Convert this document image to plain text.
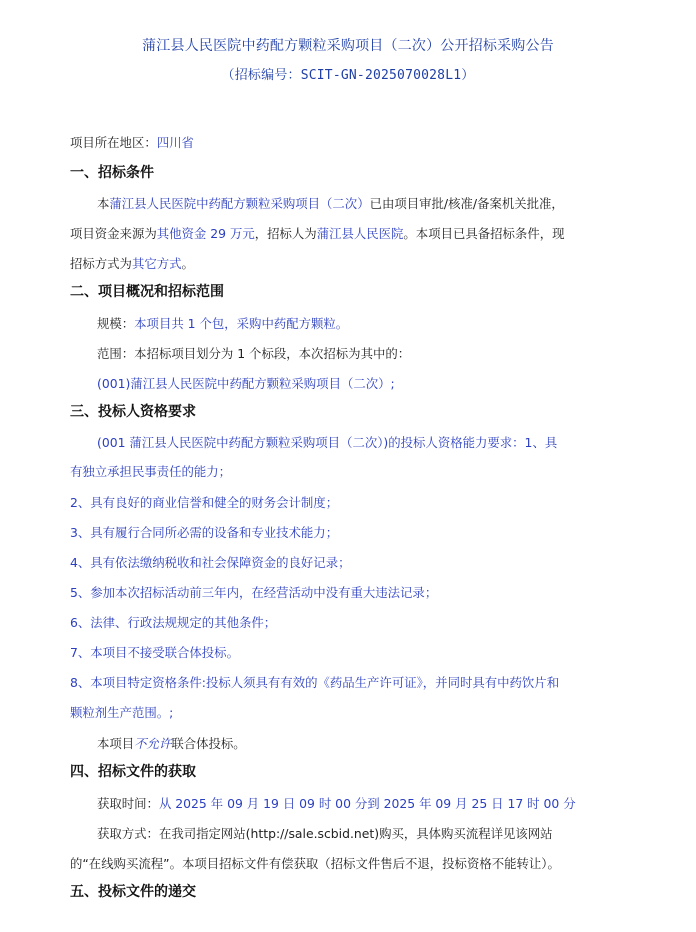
蒲江县人民医院中药配方颗粒采购项目（二次）公开招标采购公告
（招标编号：SCIT-GN-2025070028L1）
项目所在地区：四川省
一、招标条件
本蒲江县人民医院中药配方颗粒采购项目（二次）已由项目审批/核准/备案机关批准，
项目资金来源为其他资金 29 万元，招标人为蒲江县人民医院。本项目已具备招标条件，现
招标方式为其它方式。
二、项目概况和招标范围
规模：本项目共 1 个包，采购中药配方颗粒。
范围：本招标项目划分为 1 个标段，本次招标为其中的：
(001)蒲江县人民医院中药配方颗粒采购项目（二次）;
三、投标人资格要求
(001 蒲江县人民医院中药配方颗粒采购项目（二次）)的投标人资格能力要求：1、具
有独立承担民事责任的能力；
2、具有良好的商业信誉和健全的财务会计制度；
3、具有履行合同所必需的设备和专业技术能力；
4、具有依法缴纳税收和社会保障资金的良好记录；
5、参加本次招标活动前三年内，在经营活动中没有重大违法记录；
6、法律、行政法规规定的其他条件；
7、本项目不接受联合体投标。
8、本项目特定资格条件:投标人须具有有效的《药品生产许可证》，并同时具有中药饮片和
颗粒剂生产范围。;
本项目不允许联合体投标。
四、招标文件的获取
获取时间：从 2025 年 09 月 19 日 09 时 00 分到 2025 年 09 月 25 日 17 时 00 分
获取方式：在我司指定网站(http://sale.scbid.net)购买，具体购买流程详见该网站
的“在线购买流程”。本项目招标文件有偿获取（招标文件售后不退，投标资格不能转让）。
五、投标文件的递交
